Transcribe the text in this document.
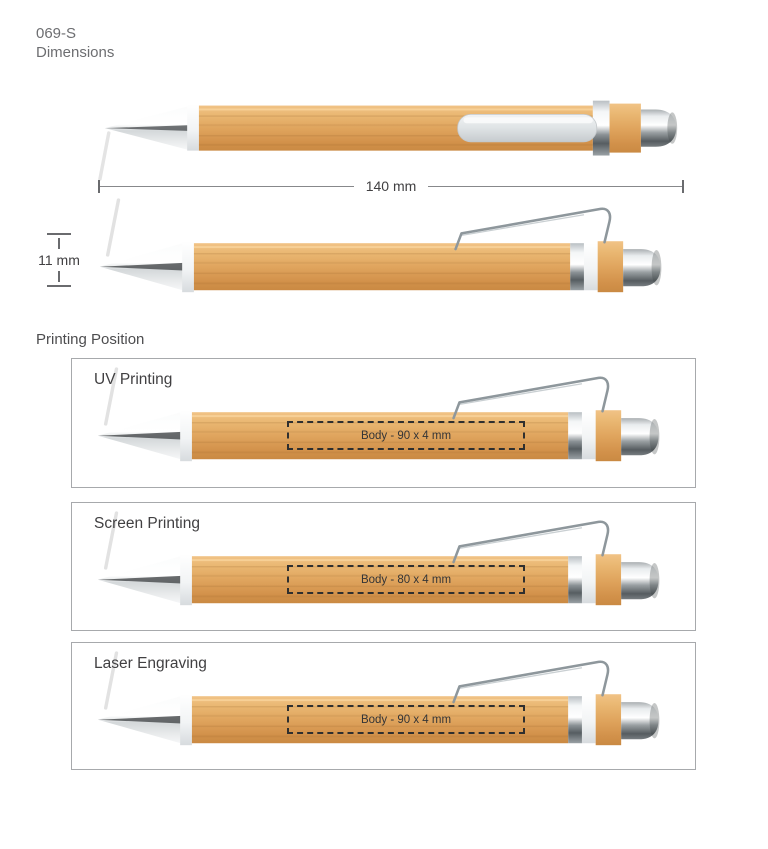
069-S
Dimensions
140 mm
11 mm
Printing Position
UV Printing
Body - 90 x 4 mm
Screen Printing
Body - 80 x 4 mm
Laser Engraving
Body - 90 x 4 mm
